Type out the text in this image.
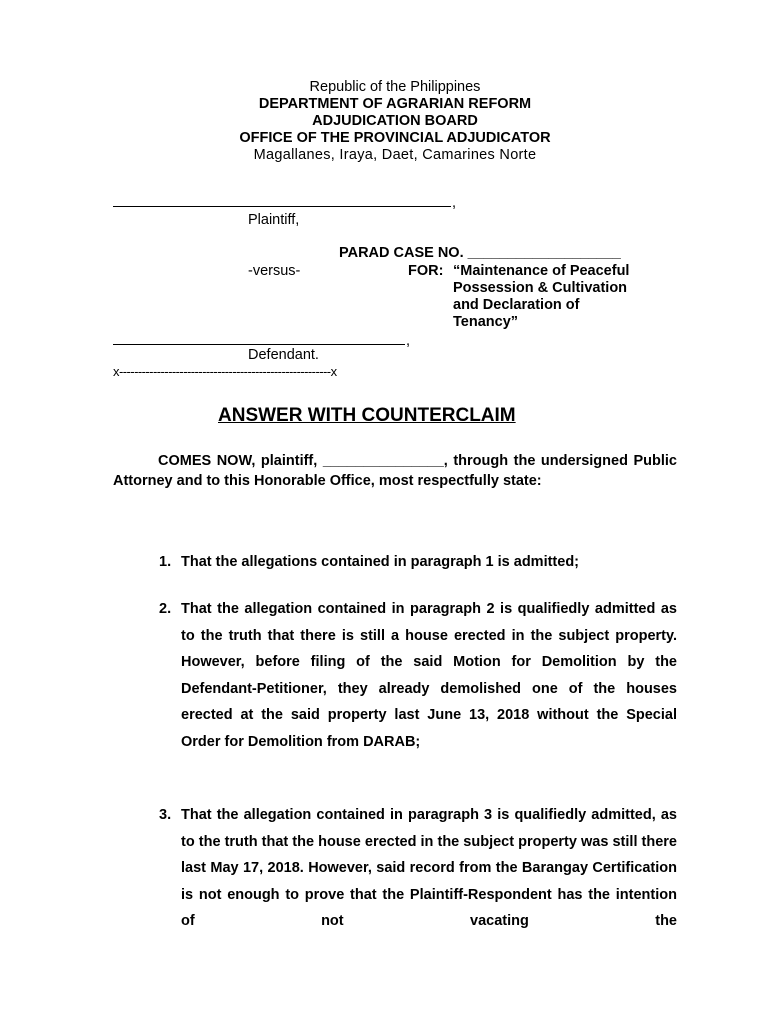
Republic of the Philippines
DEPARTMENT OF AGRARIAN REFORM
ADJUDICATION BOARD
OFFICE OF THE PROVINCIAL ADJUDICATOR
Magallanes, Iraya, Daet, Camarines Norte
,
Plaintiff,
PARAD CASE NO. ___________________
-versus-	FOR: “Maintenance of Peaceful
Possession & Cultivation
and Declaration of
Tenancy”
,
Defendant.
x--------------------------------------------------------x
ANSWER WITH COUNTERCLAIM
COMES NOW, plaintiff, _______________, through the undersigned Public Attorney and to this Honorable Office, most respectfully state:
1. That the allegations contained in paragraph 1 is admitted;
2. That the allegation contained in paragraph 2 is qualifiedly admitted as to the truth that there is still a house erected in the subject property. However, before filing of the said Motion for Demolition by the Defendant-Petitioner, they already demolished one of the houses erected at the said property last June 13, 2018 without the Special Order for Demolition from DARAB;
3. That the allegation contained in paragraph 3 is qualifiedly admitted, as to the truth that the house erected in the subject property was still there last May 17, 2018. However, said record from the Barangay Certification is not enough to prove that the Plaintiff-Respondent has the intention of not vacating the
